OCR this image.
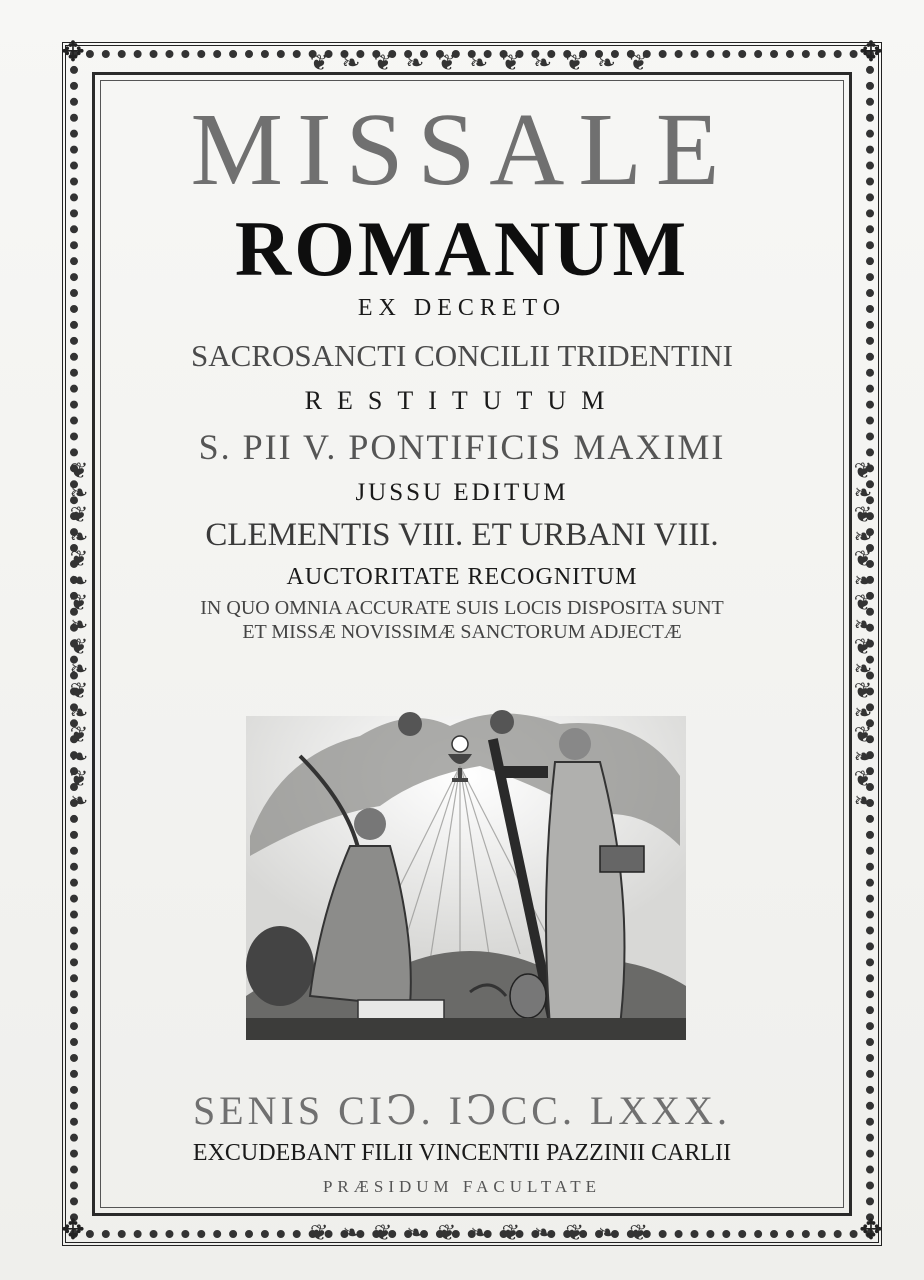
✥	✥
✥	✥
❦ ❧ ❦ ❧ ❦ ❧ ❦ ❧ ❦ ❧ ❦
❦ ❧ ❦ ❧ ❦ ❧ ❦ ❧ ❦ ❧ ❦
❦❧❦❧❦❧❦❧❦❧❦❧❦❧❦❧
❦❧❦❧❦❧❦❧❦❧❦❧❦❧❦❧
MISSALE
ROMANUM
EX DECRETO
SACROSANCTI CONCILII TRIDENTINI
RESTITUTUM
S. PII V. PONTIFICIS MAXIMI
JUSSU EDITUM
CLEMENTIS VIII. ET URBANI VIII.
AUCTORITATE RECOGNITUM
IN QUO OMNIA ACCURATE SUIS LOCIS DISPOSITA SUNT
ET MISSÆ NOVISSIMÆ SANCTORUM ADJECTÆ
SENIS CIↃ. IↃCC. LXXX.
EXCUDEBANT FILII VINCENTII PAZZINII CARLII
PRÆSIDUM FACULTATE
